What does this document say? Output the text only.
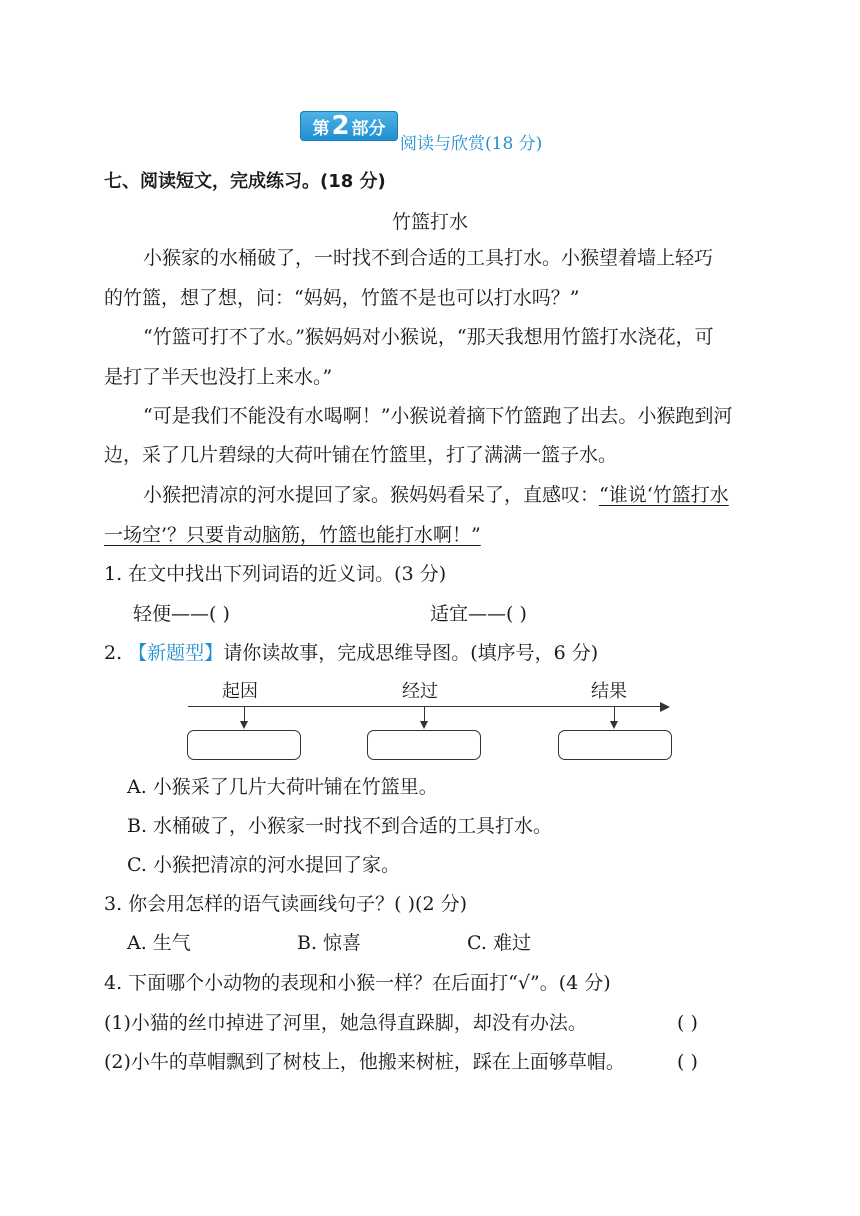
第 2 部分
阅读与欣赏(18 分)
七、阅读短文，完成练习。(18 分)
竹篮打水
小猴家的水桶破了，一时找不到合适的工具打水。小猴望着墙上轻巧
的竹篮，想了想，问：“妈妈，竹篮不是也可以打水吗？”
“竹篮可打不了水。”猴妈妈对小猴说，“那天我想用竹篮打水浇花，可
是打了半天也没打上来水。”
“可是我们不能没有水喝啊！”小猴说着摘下竹篮跑了出去。小猴跑到河
边，采了几片碧绿的大荷叶铺在竹篮里，打了满满一篮子水。
小猴把清凉的河水提回了家。猴妈妈看呆了，直感叹：“谁说‘竹篮打水
一场空’？只要肯动脑筋，竹篮也能打水啊！”
1. 在文中找出下列词语的近义词。(3 分)
轻便——( )	适宜——( )
2. 【新题型】请你读故事，完成思维导图。(填序号，6 分)
起因	经过	结果
A. 小猴采了几片大荷叶铺在竹篮里。
B. 水桶破了，小猴家一时找不到合适的工具打水。
C. 小猴把清凉的河水提回了家。
3. 你会用怎样的语气读画线句子？( )(2 分)
A. 生气	B. 惊喜	C. 难过
4. 下面哪个小动物的表现和小猴一样？在后面打“√”。(4 分)
(1)小猫的丝巾掉进了河里，她急得直跺脚，却没有办法。	( )
(2)小牛的草帽飘到了树枝上，他搬来树桩，踩在上面够草帽。	( )
